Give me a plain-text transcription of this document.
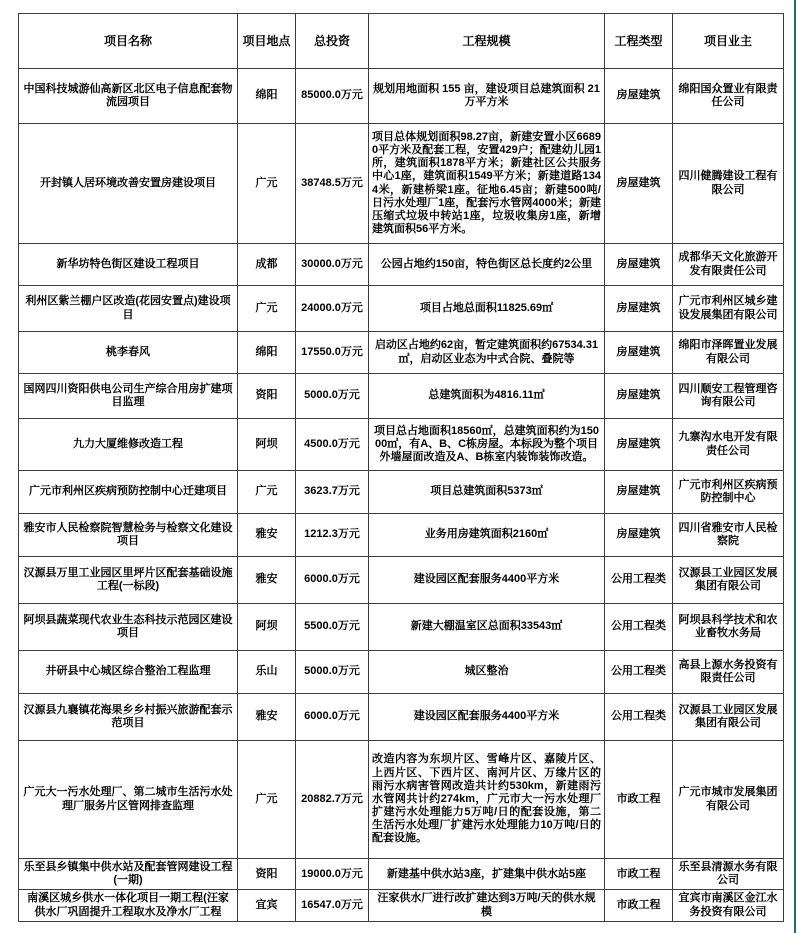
项目名称	项目地点	总投资	工程规模	工程类型	项目业主
中国科技城游仙高新区北区电子信息配套物流园项目	绵阳	85000.0万元	规划用地面积 155 亩，建设项目总建筑面积 21 万平方米	房屋建筑	绵阳国众置业有限责任公司
开封镇人居环境改善安置房建设项目	广元	38748.5万元	项目总体规划面积98.27亩，新建安置小区66890平方米及配套工程，安置429户；配建幼儿园1所，建筑面积1878平方米；新建社区公共服务中心1座，建筑面积1549平方米；新建道路1344米，新建桥梁1座。征地6.45亩；新建500吨/日污水处理厂1座，配套污水管网4000米；新建压缩式垃圾中转站1座，垃圾收集房1座，新增建筑面积56平方米。	房屋建筑	四川健腾建设工程有限公司
新华坊特色街区建设工程项目	成都	30000.0万元	公园占地约150亩，特色街区总长度约2公里	房屋建筑	成都华天文化旅游开发有限责任公司
利州区紫兰棚户区改造(花园安置点)建设项目	广元	24000.0万元	项目占地总面积11825.69㎡	房屋建筑	广元市利州区城乡建设发展集团有限公司
桃李春风	绵阳	17550.0万元	启动区占地约62亩，暂定建筑面积约67534.31㎡，启动区业态为中式合院、叠院等	房屋建筑	绵阳市泽晖置业发展有限公司
国网四川资阳供电公司生产综合用房扩建项目监理	资阳	5000.0万元	总建筑面积为4816.11㎡	房屋建筑	四川顺安工程管理咨询有限公司
九力大厦维修改造工程	阿坝	4500.0万元	项目总占地面积18560㎡，总建筑面积约为15000㎡，有A、B、C栋房屋。本标段为整个项目外墙屋面改造及A、B栋室内装饰装饰改造。	房屋建筑	九寨沟水电开发有限责任公司
广元市利州区疾病预防控制中心迁建项目	广元	3623.7万元	项目总建筑面积5373㎡	房屋建筑	广元市利州区疾病预防控制中心
雅安市人民检察院智慧检务与检察文化建设项目	雅安	1212.3万元	业务用房建筑面积2160㎡	房屋建筑	四川省雅安市人民检察院
汉源县万里工业园区里坪片区配套基础设施工程(一标段)	雅安	6000.0万元	建设园区配套服务4400平方米	公用工程类	汉源县工业园区发展集团有限公司
阿坝县蔬菜现代农业生态科技示范园区建设项目	阿坝	5500.0万元	新建大棚温室区总面积33543㎡	公用工程类	阿坝县科学技术和农业畜牧水务局
井研县中心城区综合整治工程监理	乐山	5000.0万元	城区整治	公用工程类	高县上源水务投资有限责任公司
汉源县九襄镇花海果乡乡村振兴旅游配套示范项目	雅安	6000.0万元	建设园区配套服务4400平方米	公用工程类	汉源县工业园区发展集团有限公司
广元大一污水处理厂、第二城市生活污水处理厂服务片区管网排查监理	广元	20882.7万元	改造内容为东坝片区、雪峰片区、嘉陵片区、上西片区、下西片区、南河片区、万缘片区的雨污水病害管网改造共计约530km，新建雨污水管网共计约274km，广元市大一污水处理厂扩建污水处理能力5万吨/日的配套设施，第二生活污水处理厂扩建污水处理能力10万吨/日的配套设施。	市政工程	广元市城市发展集团有限公司
乐至县乡镇集中供水站及配套管网建设工程(一期)	资阳	19000.0万元	新建基中供水站3座，扩建集中供水站5座	市政工程	乐至县清源水务有限公司
南溪区城乡供水一体化项目一期工程(汪家供水厂巩固提升工程取水及净水厂工程	宜宾	16547.0万元	汪家供水厂进行改扩建达到3万吨/天的供水规模	市政工程	宜宾市南溪区金江水务投资有限公司
